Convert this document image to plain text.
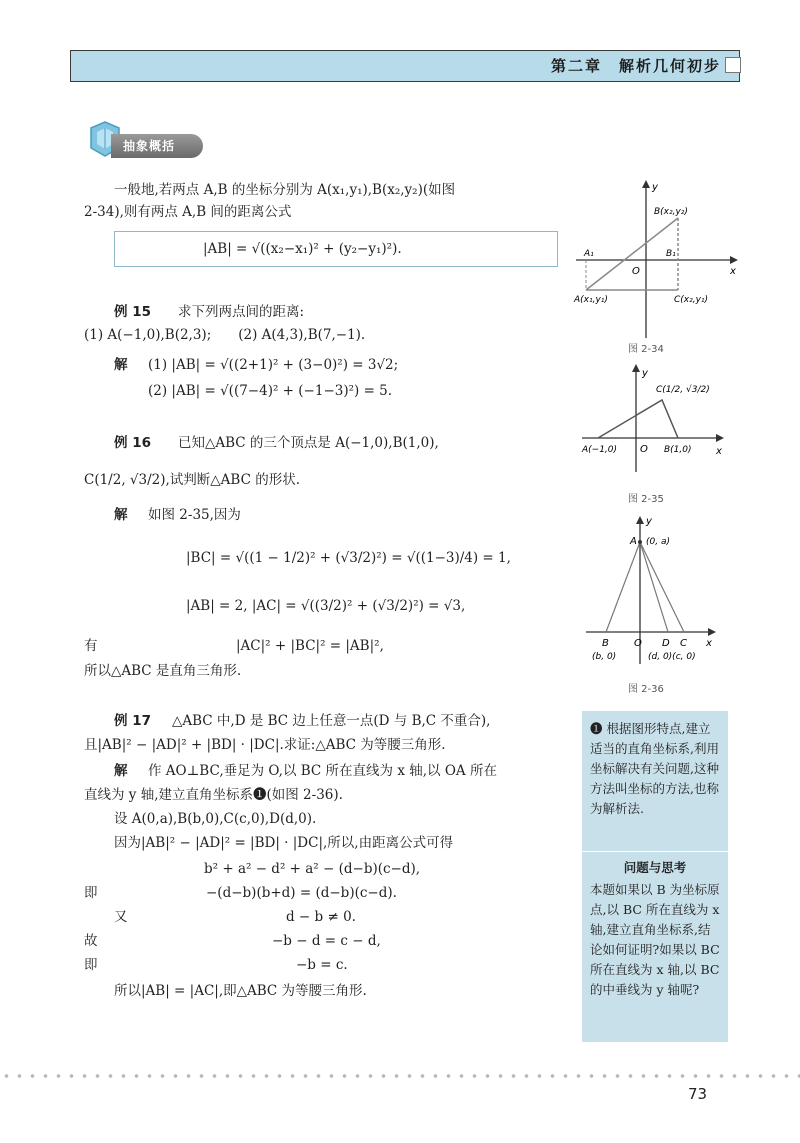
第二章　解析几何初步
抽象概括
一般地,若两点 A,B 的坐标分别为 A(x₁,y₁),B(x₂,y₂)(如图
2-34),则有两点 A,B 间的距离公式
|AB| = √((x₂−x₁)² + (y₂−y₁)²).
例 15 求下列两点间的距离:
(1) A(−1,0),B(2,3);　　(2) A(4,3),B(7,−1).
解 (1) |AB| = √((2+1)² + (3−0)²) = 3√2;
(2) |AB| = √((7−4)² + (−1−3)²) = 5.
例 16 已知△ABC 的三个顶点是 A(−1,0),B(1,0),
C(1/2, √3/2),试判断△ABC 的形状.
解 如图 2-35,因为
|BC| = √((1 − 1/2)² + (√3/2)²) = √((1−3)/4) = 1,
|AB| = 2, |AC| = √((3/2)² + (√3/2)²) = √3,
有	|AC|² + |BC|² = |AB|²,
所以△ABC 是直角三角形.
例 17 △ABC 中,D 是 BC 边上任意一点(D 与 B,C 不重合),
且|AB|² − |AD|² + |BD| · |DC|.求证:△ABC 为等腰三角形.
解 作 AO⊥BC,垂足为 O,以 BC 所在直线为 x 轴,以 OA 所在
直线为 y 轴,建立直角坐标系❶(如图 2-36).
设 A(0,a),B(b,0),C(c,0),D(d,0).
因为|AB|² − |AD|² = |BD| · |DC|,所以,由距离公式可得
b² + a² − d² + a² − (d−b)(c−d),
即	−(d−b)(b+d) = (d−b)(c−d).
又	d − b ≠ 0.
故	−b − d = c − d,
即	−b = c.
所以|AB| = |AC|,即△ABC 为等腰三角形.
y
x
O
B(x₂,y₂)
A(x₁,y₁)	C(x₂,y₁)
A₁	B₁
图 2-34
y
x
O
A(−1,0)	B(1,0)
C(1/2, √3/2)
图 2-35
y
x
O
A (0, a)
B	D C
(b, 0)	(d, 0)(c, 0)
图 2-36
❶ 根据图形特点,建立适当的直角坐标系,利用坐标解决有关问题,这种方法叫坐标的方法,也称为解析法.
问题与思考
本题如果以 B 为坐标原点,以 BC 所在直线为 x 轴,建立直角坐标系,结论如何证明?如果以 BC 所在直线为 x 轴,以 BC 的中垂线为 y 轴呢?
73
